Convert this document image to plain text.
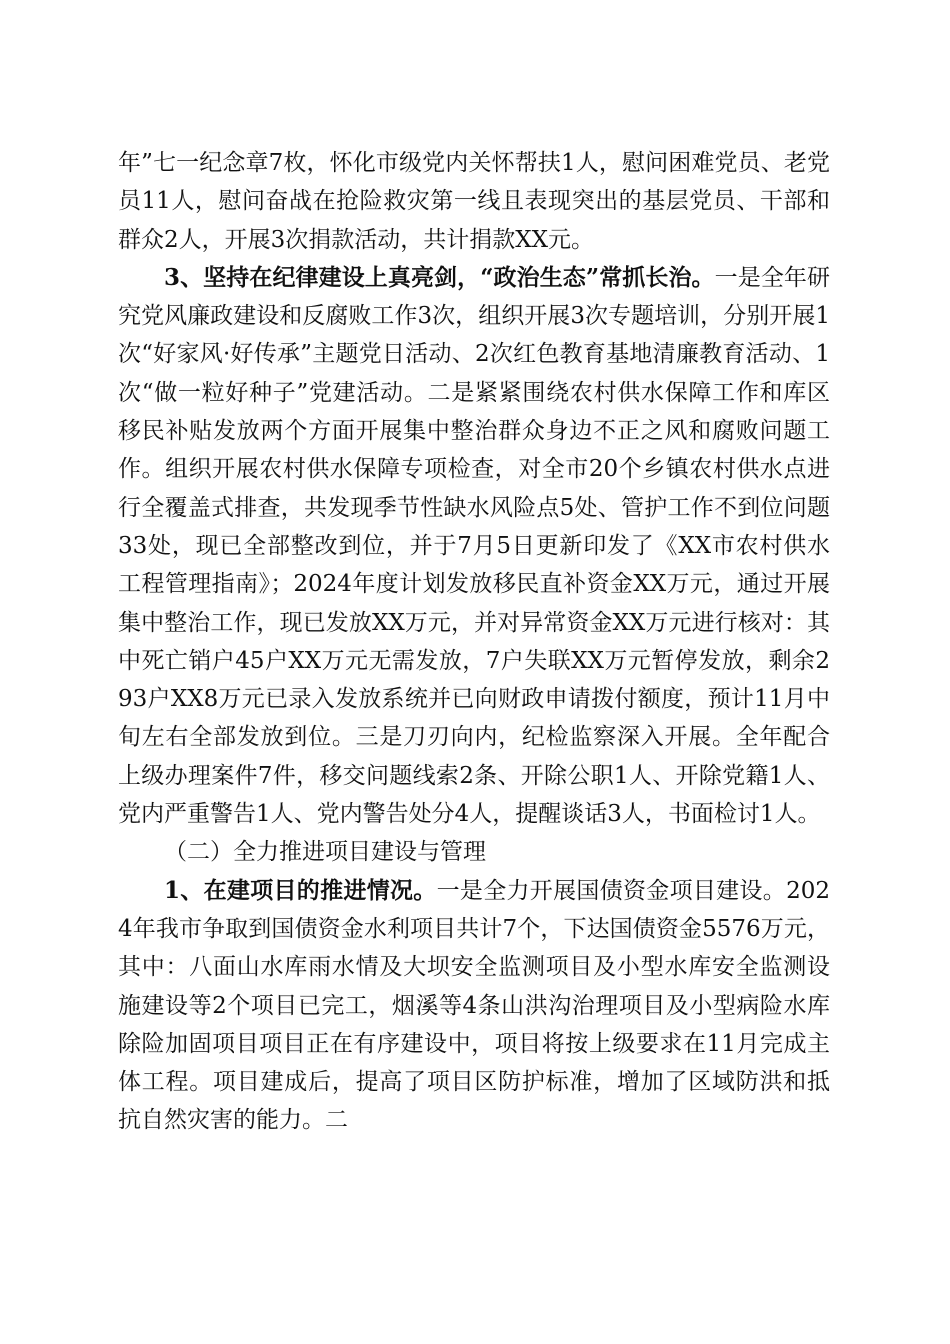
年”七一纪念章7枚，怀化市级党内关怀帮扶1人，慰问困难党员、老党员11人，慰问奋战在抢险救灾第一线且表现突出的基层党员、干部和群众2人，开展3次捐款活动，共计捐款XX元。

3、坚持在纪律建设上真亮剑，“政治生态”常抓长治。一是全年研究党风廉政建设和反腐败工作3次，组织开展3次专题培训，分别开展1次“好家风·好传承”主题党日活动、2次红色教育基地清廉教育活动、1次“做一粒好种子”党建活动。二是紧紧围绕农村供水保障工作和库区移民补贴发放两个方面开展集中整治群众身边不正之风和腐败问题工作。组织开展农村供水保障专项检查，对全市20个乡镇农村供水点进行全覆盖式排查，共发现季节性缺水风险点5处、管护工作不到位问题33处，现已全部整改到位，并于7月5日更新印发了《XX市农村供水工程管理指南》；2024年度计划发放移民直补资金XX万元，通过开展集中整治工作，现已发放XX万元，并对异常资金XX万元进行核对：其中死亡销户45户XX万元无需发放，7户失联XX万元暂停发放，剩余293户XX8万元已录入发放系统并已向财政申请拨付额度，预计11月中旬左右全部发放到位。三是刀刃向内，纪检监察深入开展。全年配合上级办理案件7件，移交问题线索2条、开除公职1人、开除党籍1人、党内严重警告1人、党内警告处分4人，提醒谈话3人，书面检讨1人。

（二）全力推进项目建设与管理

1、在建项目的推进情况。一是全力开展国债资金项目建设。2024年我市争取到国债资金水利项目共计7个，下达国债资金5576万元，其中：八面山水库雨水情及大坝安全监测项目及小型水库安全监测设施建设等2个项目已完工，烟溪等4条山洪沟治理项目及小型病险水库除险加固项目项目正在有序建设中，项目将按上级要求在11月完成主体工程。项目建成后，提高了项目区防护标准，增加了区域防洪和抵抗自然灾害的能力。二
